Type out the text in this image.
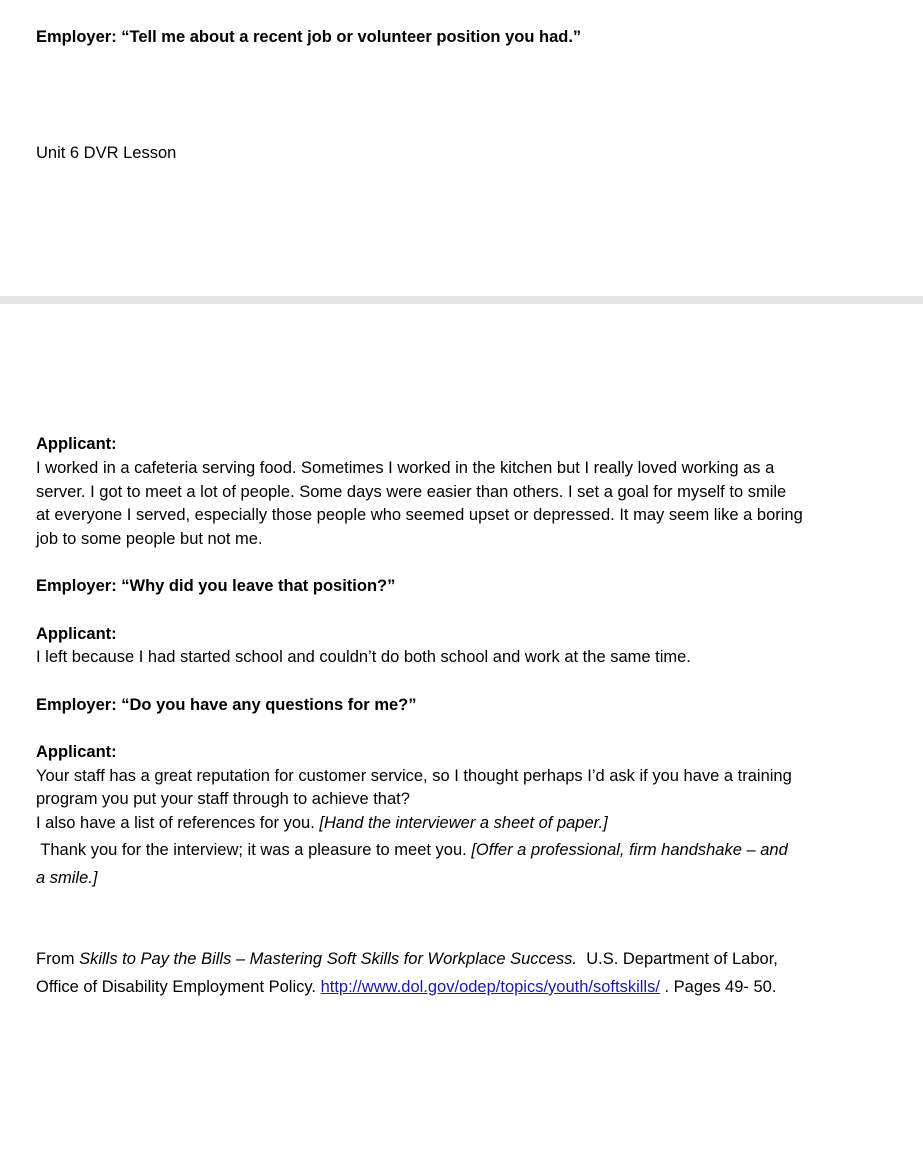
Employer: “Tell me about a recent job or volunteer position you had.”
Unit 6 DVR Lesson
Applicant:
I worked in a cafeteria serving food. Sometimes I worked in the kitchen but I really loved working as a
server. I got to meet a lot of people. Some days were easier than others. I set a goal for myself to smile
at everyone I served, especially those people who seemed upset or depressed. It may seem like a boring
job to some people but not me.
Employer: “Why did you leave that position?”
Applicant:
I left because I had started school and couldn’t do both school and work at the same time.
Employer: “Do you have any questions for me?”
Applicant:
Your staff has a great reputation for customer service, so I thought perhaps I’d ask if you have a training
program you put your staff through to achieve that?
I also have a list of references for you. [Hand the interviewer a sheet of paper.]
Thank you for the interview; it was a pleasure to meet you. [Offer a professional, firm handshake – and
a smile.]
From Skills to Pay the Bills – Mastering Soft Skills for Workplace Success.  U.S. Department of Labor,
Office of Disability Employment Policy. http://www.dol.gov/odep/topics/youth/softskills/ . Pages 49- 50.
